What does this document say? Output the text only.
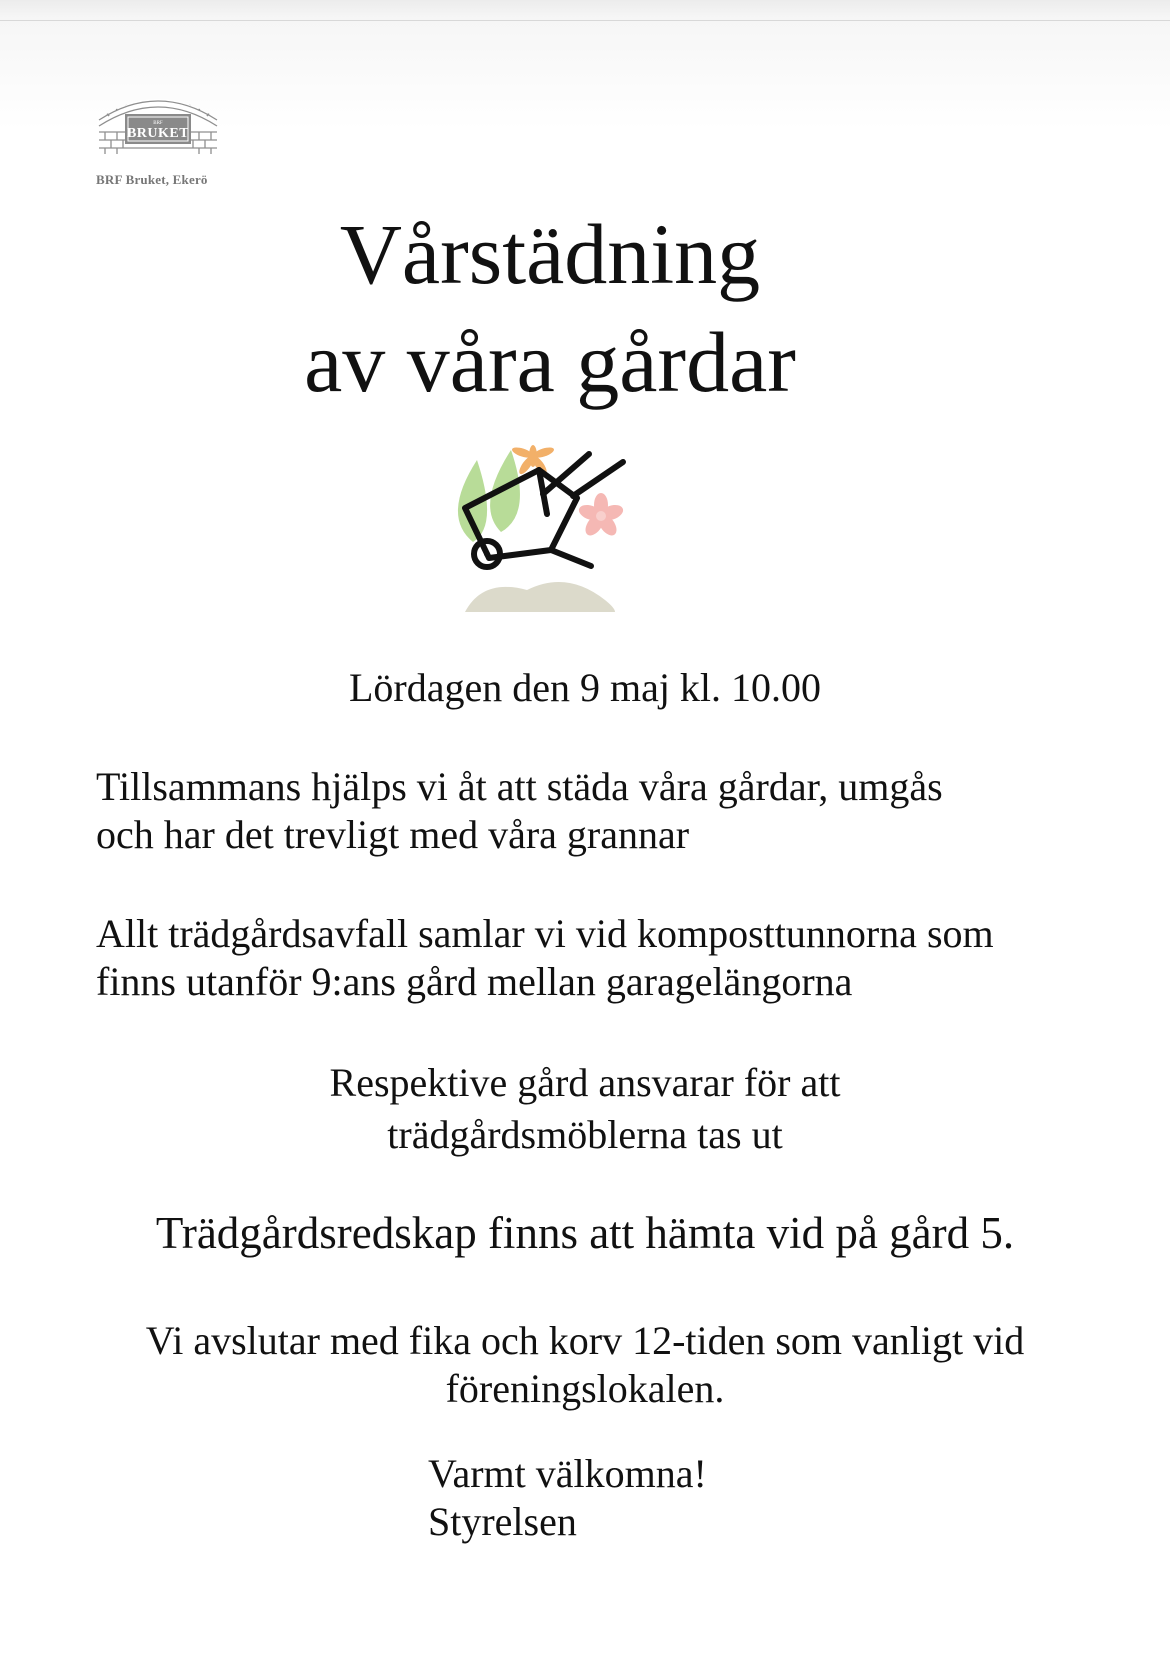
BRF
BRUKET
BRF Bruket, Ekerö
Vårstädning
av våra gårdar
Lördagen den 9 maj kl. 10.00
Tillsammans hjälps vi åt att städa våra gårdar, umgås
och har det trevligt med våra grannar
Allt trädgårdsavfall samlar vi vid komposttunnorna som
finns utanför 9:ans gård mellan garagelängorna
Respektive gård ansvarar för att
trädgårdsmöblerna tas ut
Trädgårdsredskap finns att hämta vid på gård 5.
Vi avslutar med fika och korv 12-tiden som vanligt vid
föreningslokalen.
Varmt välkomna!
Styrelsen
